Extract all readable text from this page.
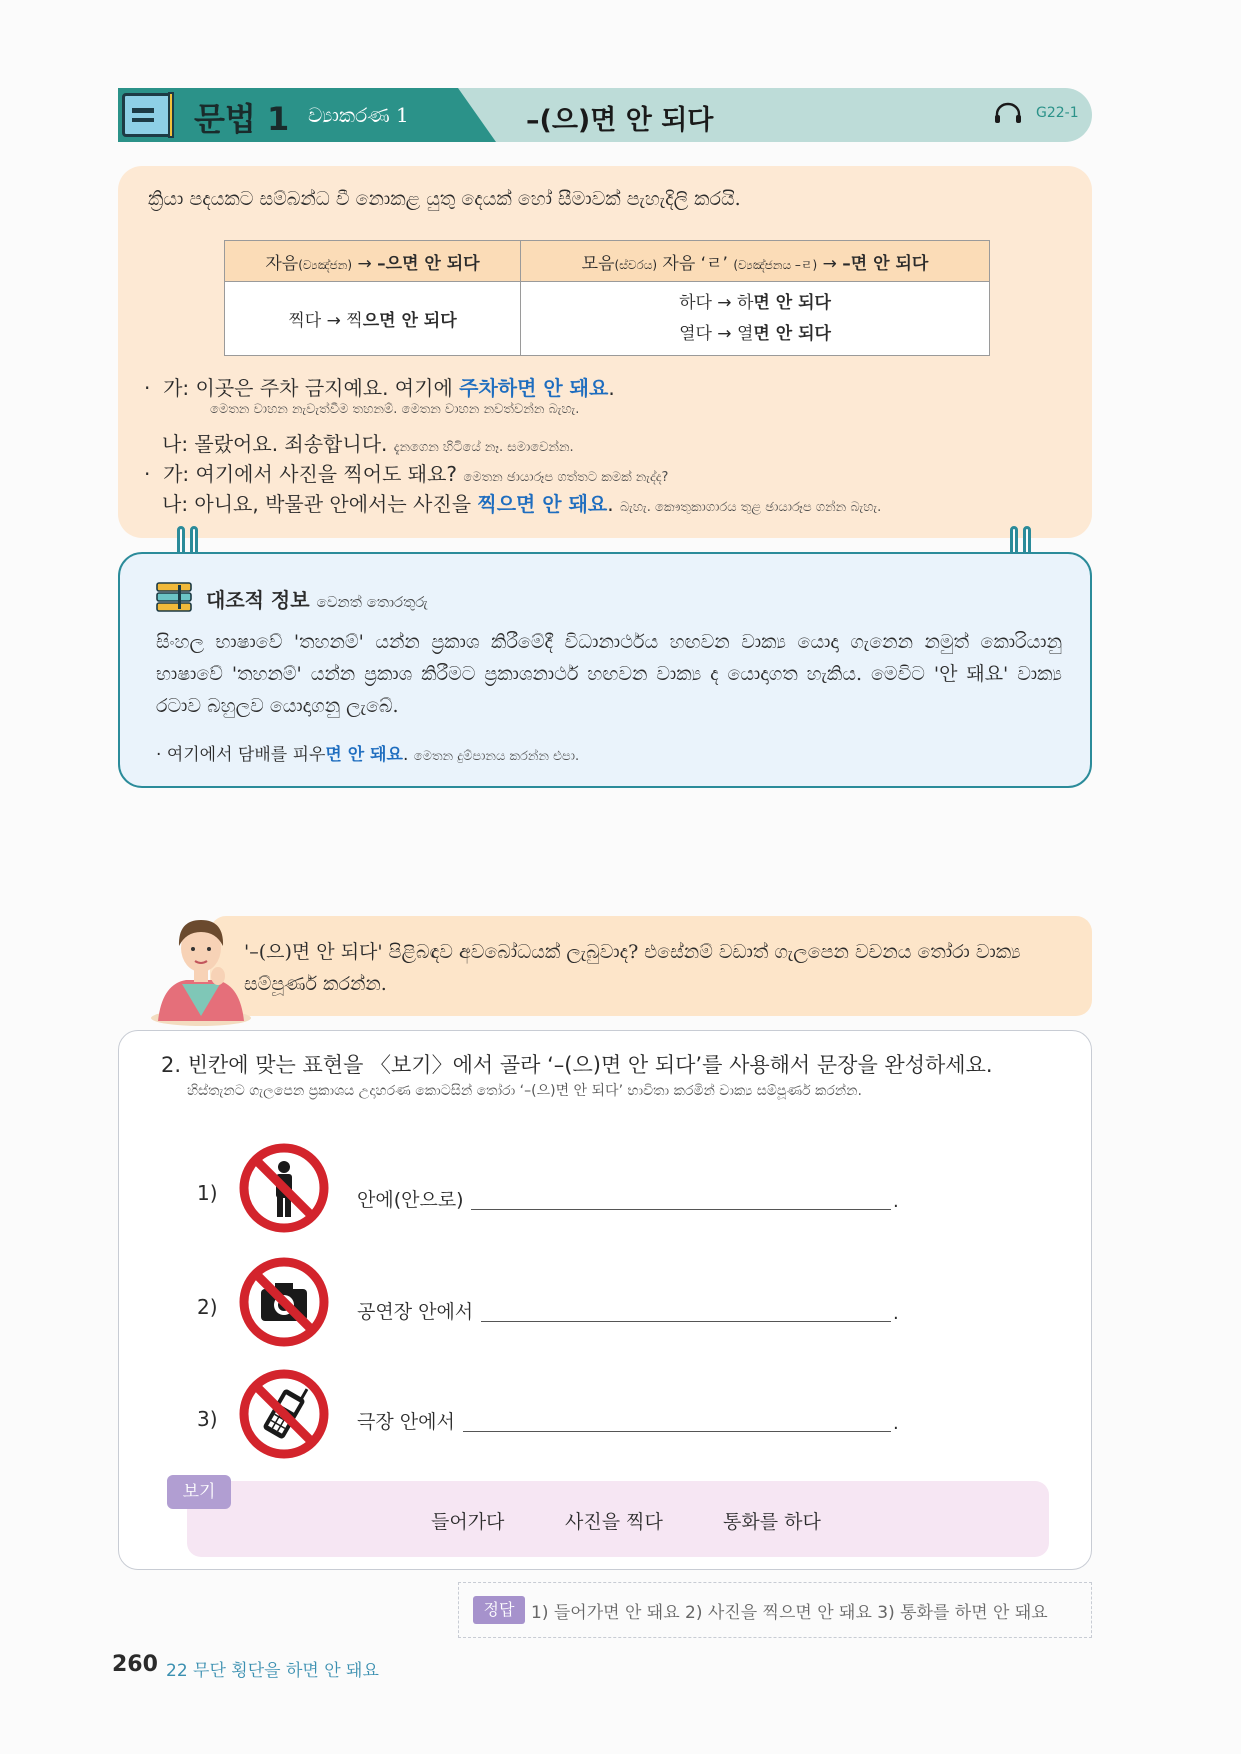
문법 1 ව්‍යාකරණ 1	–(으)면 안 되다	G22-1
ක්‍රියා පදයකට සම්බන්ධ වී නොකළ යුතු දෙයක් හෝ සීමාවක් පැහැදිලි කරයි.
자음(ව්‍යඤ්ජන) → –으면 안 되다	모음(ස්වරය) 자음 ‘ㄹ’ (ව්‍යඤ්ජනය –ㄹ) → –면 안 되다
찍다 → 찍으면 안 되다	하다 → 하면 안 되다
열다 → 열면 안 되다
· 가: 이곳은 주차 금지예요. 여기에 주차하면 안 돼요.
මෙතන වාහන නැවැත්වීම තහනම්. මෙතන වාහන නවත්වන්න බැහැ.
나: 몰랐어요. 죄송합니다. දැනගෙන හිටියේ නෑ. සමාවෙන්න.
· 가: 여기에서 사진을 찍어도 돼요? මෙතන ඡායාරූප ගත්තට කමක් නැද්ද?
나: 아니요, 박물관 안에서는 사진을 찍으면 안 돼요. බැහැ. කෞතුකාගාරය තුළ ඡායාරූප ගන්න බැහැ.
대조적 정보 වෙනත් තොරතුරු
සිංහල භාෂාවේ 'තහනම්' යන්න ප්‍රකාශ කිරීමේදී විධානාර්ථය හඟවන වාක්‍ය යොදා ගැනෙන නමුත් කොරියානු භාෂාවේ 'තහනම්' යන්න ප්‍රකාශ කිරීමට ප්‍රකාශනාර්ථ හඟවන වාක්‍ය ද යොදාගත හැකිය. මෙවිට '안 돼요' වාක්‍ය රටාව බහුලව යොදාගනු ලැබේ.
· 여기에서 담배를 피우면 안 돼요. මෙතන දුම්පානය කරන්න එපා.
'–(으)면 안 되다' පිළිබඳව අවබෝධයක් ලැබුවාද? එසේනම් වඩාත් ගැලපෙන වචනය තෝරා වාක්‍ය සම්පූර්ණ කරන්න.
2. 빈칸에 맞는 표현을 〈보기〉에서 골라 ‘–(으)면 안 되다’를 사용해서 문장을 완성하세요.
හිස්තැනට ගැලපෙන ප්‍රකාශය උදාහරණ කොටසින් තෝරා ‘–(으)면 안 되다’ භාවිතා කරමින් වාක්‍ය සම්පූර්ණ කරන්න.
1)	안에(안으로)	.
2)	공연장 안에서	.
3)	극장 안에서	.
보기
들어가다	사진을 찍다	통화를 하다
정답 1) 들어가면 안 돼요 2) 사진을 찍으면 안 돼요 3) 통화를 하면 안 돼요
260 22 무단 횡단을 하면 안 돼요
